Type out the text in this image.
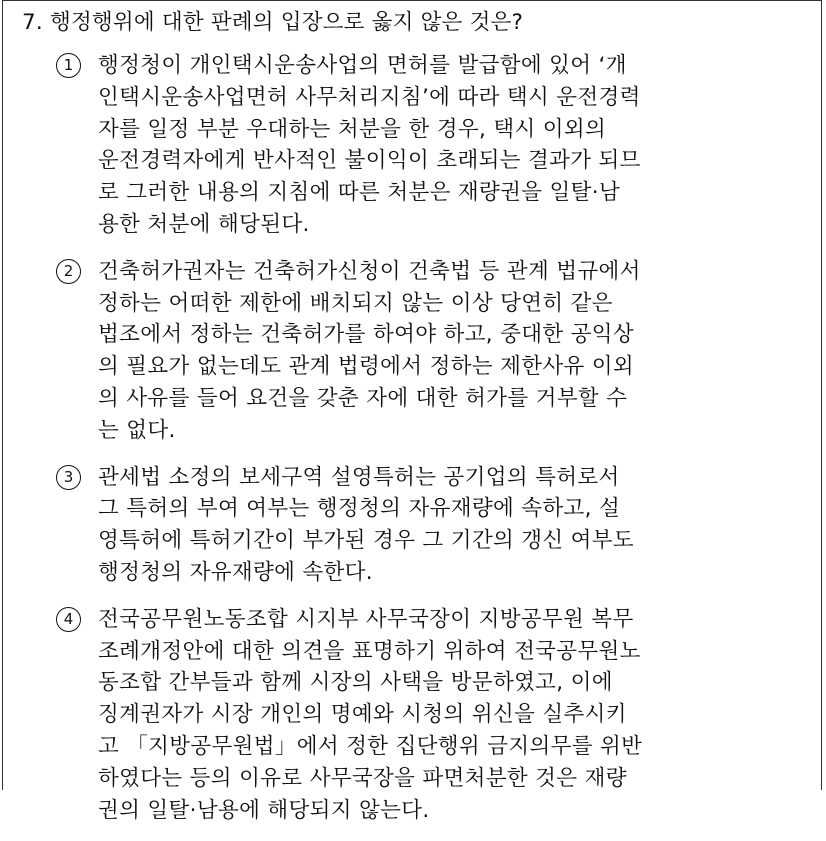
7. 행정행위에 대한 판례의 입장으로 옳지 않은 것은?
1	행정청이 개인택시운송사업의 면허를 발급함에 있어 ‘개
인택시운송사업면허 사무처리지침’에 따라 택시 운전경력
자를 일정 부분 우대하는 처분을 한 경우, 택시 이외의
운전경력자에게 반사적인 불이익이 초래되는 결과가 되므
로 그러한 내용의 지침에 따른 처분은 재량권을 일탈·남
용한 처분에 해당된다.
2	건축허가권자는 건축허가신청이 건축법 등 관계 법규에서
정하는 어떠한 제한에 배치되지 않는 이상 당연히 같은
법조에서 정하는 건축허가를 하여야 하고, 중대한 공익상
의 필요가 없는데도 관계 법령에서 정하는 제한사유 이외
의 사유를 들어 요건을 갖춘 자에 대한 허가를 거부할 수
는 없다.
3	관세법 소정의 보세구역 설영특허는 공기업의 특허로서
그 특허의 부여 여부는 행정청의 자유재량에 속하고, 설
영특허에 특허기간이 부가된 경우 그 기간의 갱신 여부도
행정청의 자유재량에 속한다.
4	전국공무원노동조합 시지부 사무국장이 지방공무원 복무
조례개정안에 대한 의견을 표명하기 위하여 전국공무원노
동조합 간부들과 함께 시장의 사택을 방문하였고, 이에
징계권자가 시장 개인의 명예와 시청의 위신을 실추시키
고 「지방공무원법」에서 정한 집단행위 금지의무를 위반
하였다는 등의 이유로 사무국장을 파면처분한 것은 재량
권의 일탈·남용에 해당되지 않는다.
